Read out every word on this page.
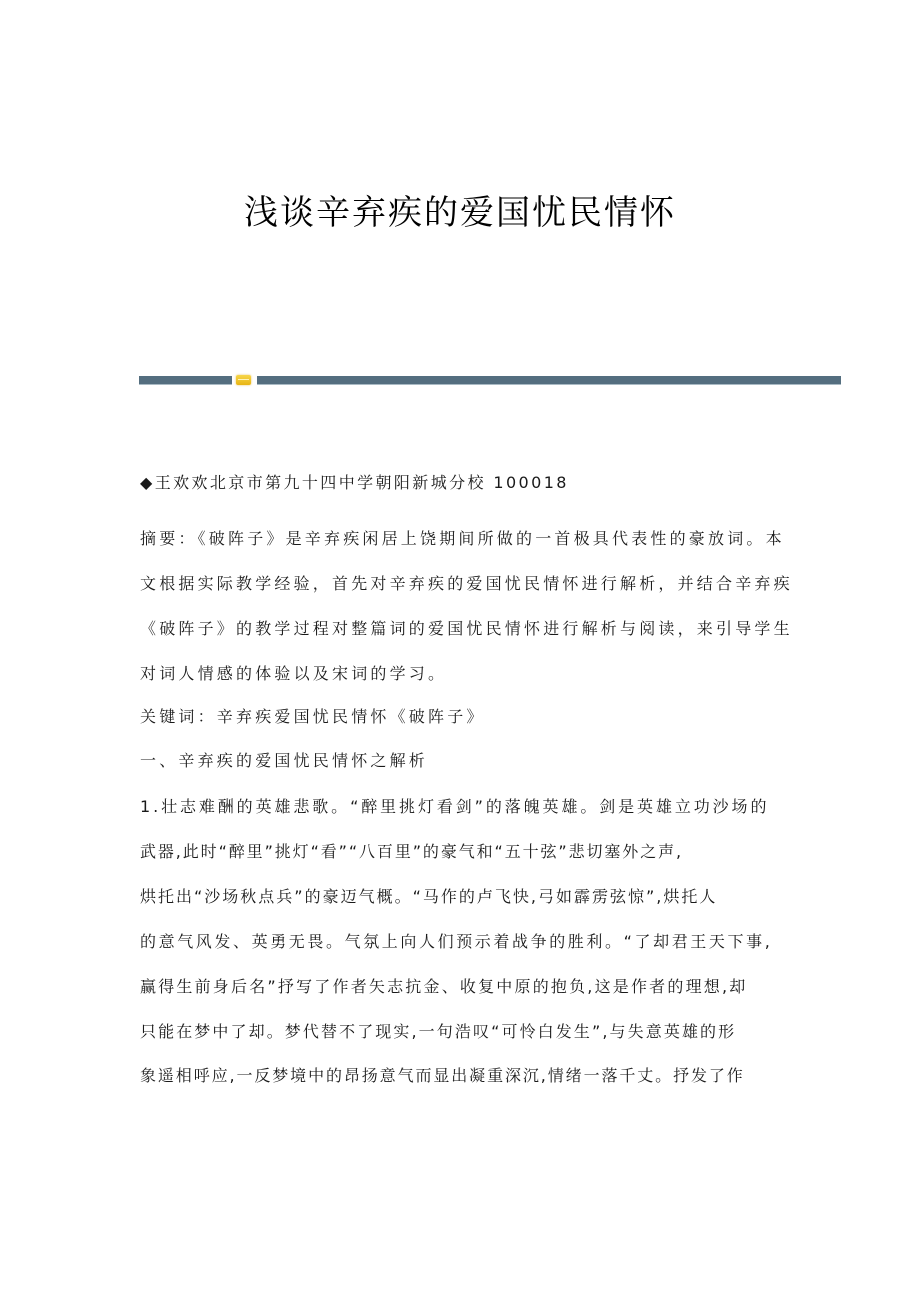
浅谈辛弃疾的爱国忧民情怀
◆王欢欢北京市第九十四中学朝阳新城分校 100018
摘要：《破阵子》是辛弃疾闲居上饶期间所做的一首极具代表性的豪放词。本
文根据实际教学经验，首先对辛弃疾的爱国忧民情怀进行解析，并结合辛弃疾
《破阵子》的教学过程对整篇词的爱国忧民情怀进行解析与阅读，来引导学生
对词人情感的体验以及宋词的学习。
关键词：辛弃疾爱国忧民情怀《破阵子》
一、辛弃疾的爱国忧民情怀之解析
1.壮志难酬的英雄悲歌。“醉里挑灯看剑”的落魄英雄。剑是英雄立功沙场的
武器,此时“醉里”挑灯“看”“八百里”的豪气和“五十弦”悲切塞外之声,
烘托出“沙场秋点兵”的豪迈气概。“马作的卢飞快,弓如霹雳弦惊”,烘托人
的意气风发、英勇无畏。气氛上向人们预示着战争的胜利。“了却君王天下事,
赢得生前身后名”抒写了作者矢志抗金、收复中原的抱负,这是作者的理想,却
只能在梦中了却。梦代替不了现实,一句浩叹“可怜白发生”,与失意英雄的形
象遥相呼应,一反梦境中的昂扬意气而显出凝重深沉,情绪一落千丈。抒发了作
